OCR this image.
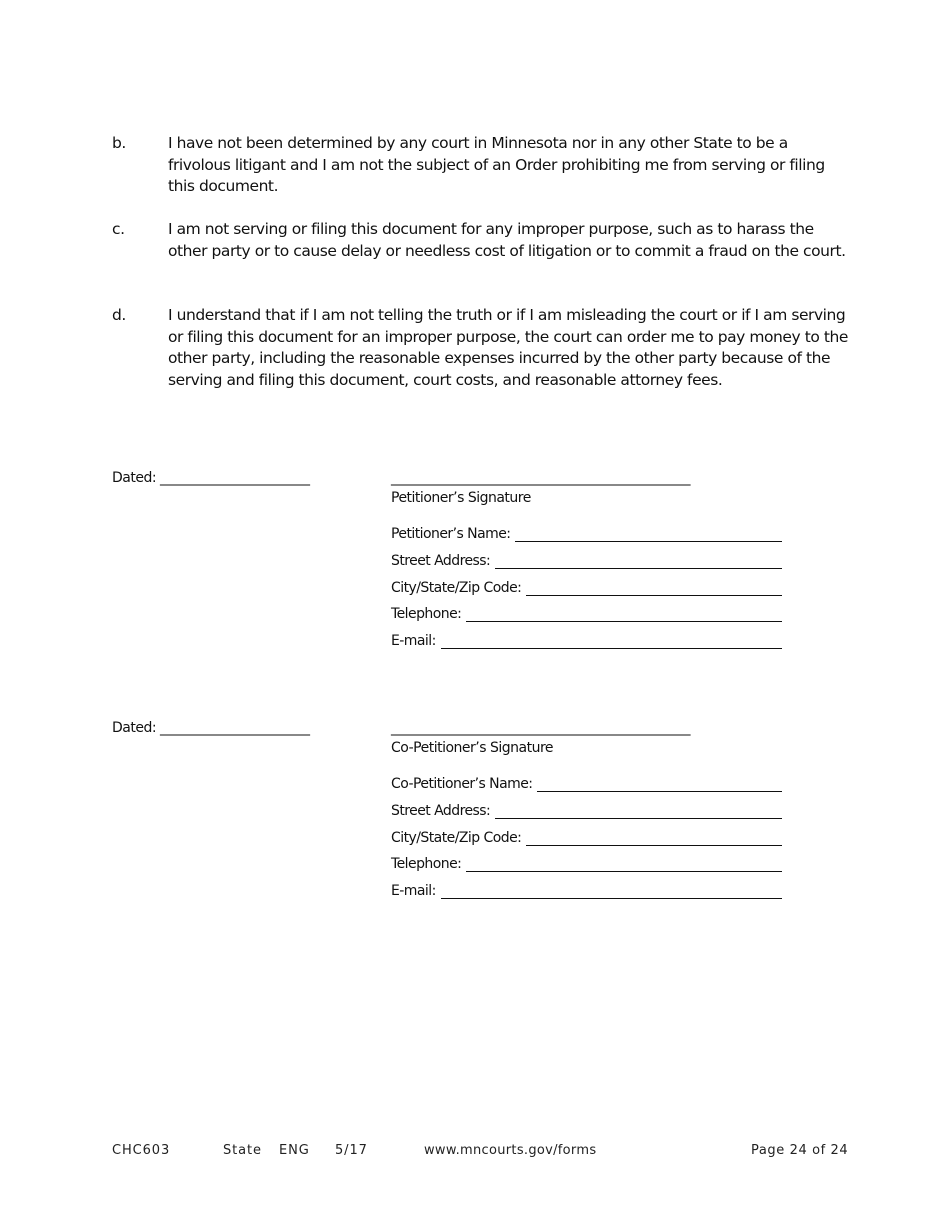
b.	I have not been determined by any court in Minnesota nor in any other State to be a frivolous litigant and I am not the subject of an Order prohibiting me from serving or filing this document.
c.	I am not serving or filing this document for any improper purpose, such as to harass the other party or to cause delay or needless cost of litigation or to commit a fraud on the court.
d.	I understand that if I am not telling the truth or if I am misleading the court or if I am serving or filing this document for an improper purpose, the court can order me to pay money to the other party, including the reasonable expenses incurred by the other party because of the serving and filing this document, court costs, and reasonable attorney fees.
Dated: _______________________	______________________________________________
Petitioner’s Signature
Petitioner’s Name:
Street Address:
City/State/Zip Code:
Telephone:
E-mail:
Dated: _______________________	______________________________________________
Co-Petitioner’s Signature
Co-Petitioner’s Name:
Street Address:
City/State/Zip Code:
Telephone:
E-mail:
CHC603	State ENG 5/17	www.mncourts.gov/forms	Page 24 of 24
